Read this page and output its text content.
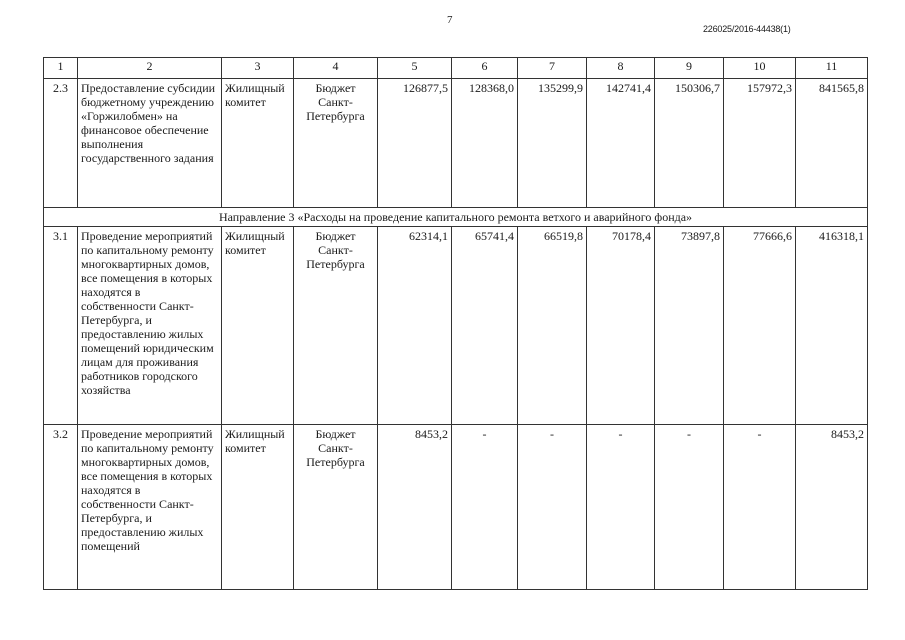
7
226025/2016-44438(1)
1	2	3	4	5	6	7	8	9	10	11
2.3	Предоставление субсидии бюджетному учреждению «Горжилобмен» на финансовое обеспечение выполнения государственного задания	Жилищный комитет	Бюджет Санкт-Петербурга	126877,5	128368,0	135299,9	142741,4	150306,7	157972,3	841565,8
Направление 3 «Расходы на проведение капитального ремонта ветхого и аварийного фонда»										
3.1	Проведение мероприятий по капитальному ремонту многоквартирных домов, все помещения в которых находятся в собственности Санкт-Петербурга, и предоставлению жилых помещений юридическим лицам для проживания работников городского хозяйства	Жилищный комитет	Бюджет Санкт-Петербурга	62314,1	65741,4	66519,8	70178,4	73897,8	77666,6	416318,1
3.2	Проведение мероприятий по капитальному ремонту многоквартирных домов, все помещения в которых находятся в собственности Санкт-Петербурга, и предоставлению жилых помещений	Жилищный комитет	Бюджет Санкт-Петербурга	8453,2	-	-	-	-	-	8453,2
